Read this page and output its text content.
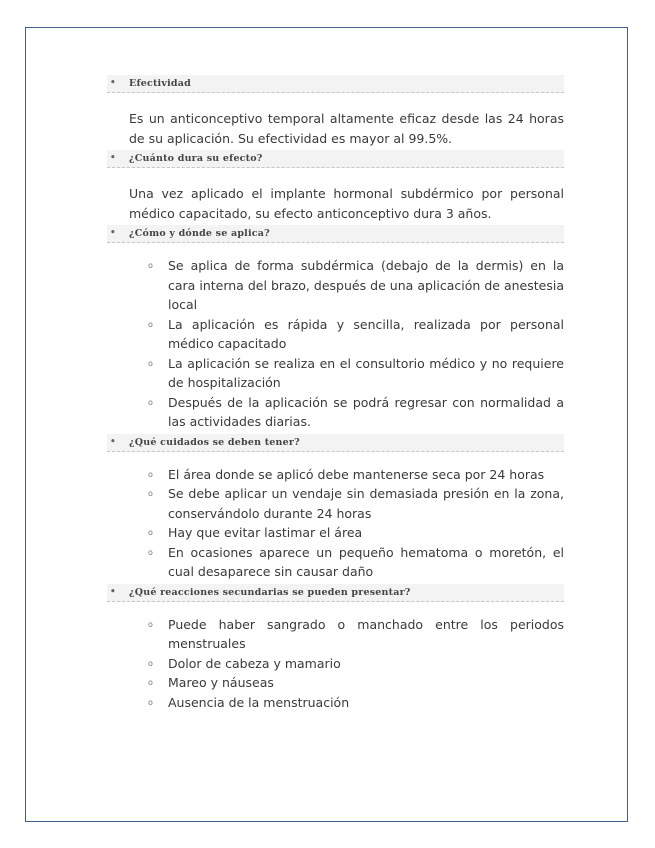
• Efectividad

Es un anticonceptivo temporal altamente eficaz desde las 24 horas de su aplicación. Su efectividad es mayor al 99.5%.

• ¿Cuánto dura su efecto?

Una vez aplicado el implante hormonal subdérmico por personal médico capacitado, su efecto anticonceptivo dura 3 años.

• ¿Cómo y dónde se aplica?
o Se aplica de forma subdérmica (debajo de la dermis) en la cara interna del brazo, después de una aplicación de anestesia local
o La aplicación es rápida y sencilla, realizada por personal médico capacitado
o La aplicación se realiza en el consultorio médico y no requiere de hospitalización
o Después de la aplicación se podrá regresar con normalidad a las actividades diarias.
• ¿Qué cuidados se deben tener?
o El área donde se aplicó debe mantenerse seca por 24 horas
o Se debe aplicar un vendaje sin demasiada presión en la zona, conservándolo durante 24 horas
o Hay que evitar lastimar el área
o En ocasiones aparece un pequeño hematoma o moretón, el cual desaparece sin causar daño
• ¿Qué reacciones secundarias se pueden presentar?
o Puede haber sangrado o manchado entre los periodos menstruales
o Dolor de cabeza y mamario
o Mareo y náuseas
o Ausencia de la menstruación
